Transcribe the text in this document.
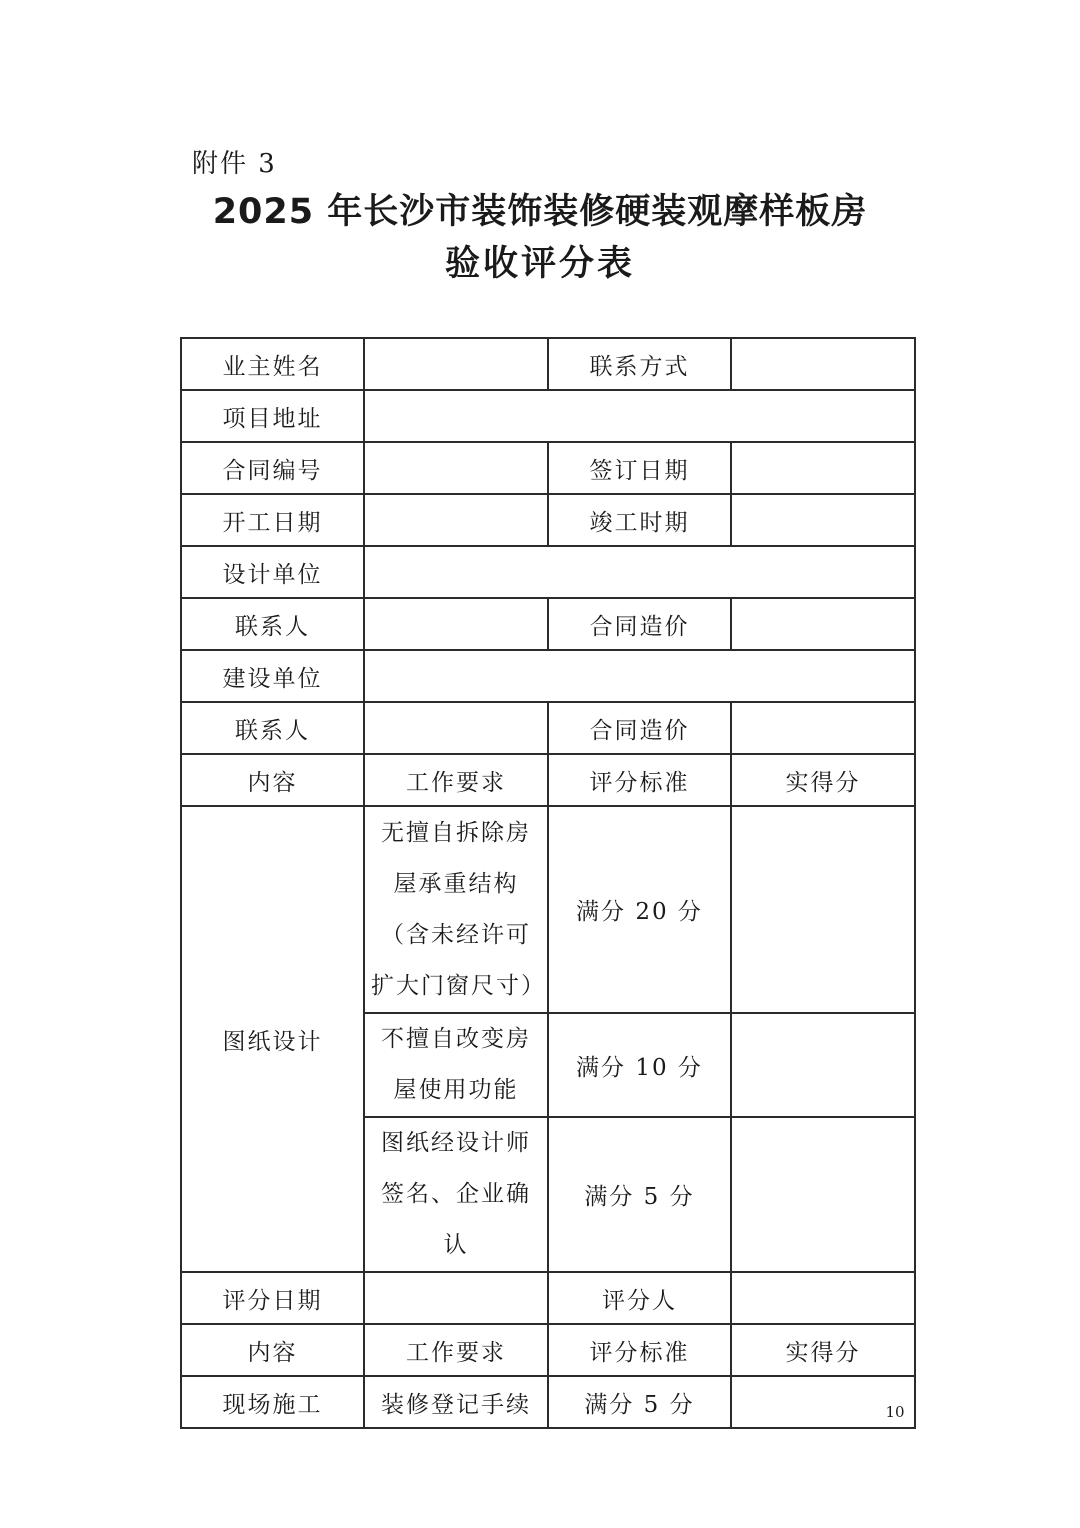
附件 3
2025 年长沙市装饰装修硬装观摩样板房
验收评分表
业主姓名		联系方式	
项目地址			
合同编号		签订日期	
开工日期		竣工时期	
设计单位			
联系人		合同造价	
建设单位			
联系人		合同造价	
内容	工作要求	评分标准	实得分
图纸设计	无擅自拆除房屋承重结构（含未经许可扩大门窗尺寸）	满分 20 分	
	不擅自改变房屋使用功能	满分 10 分	
	图纸经设计师签名、企业确认	满分 5 分	
评分日期		评分人	
内容	工作要求	评分标准	实得分
现场施工	装修登记手续	满分 5 分		10
